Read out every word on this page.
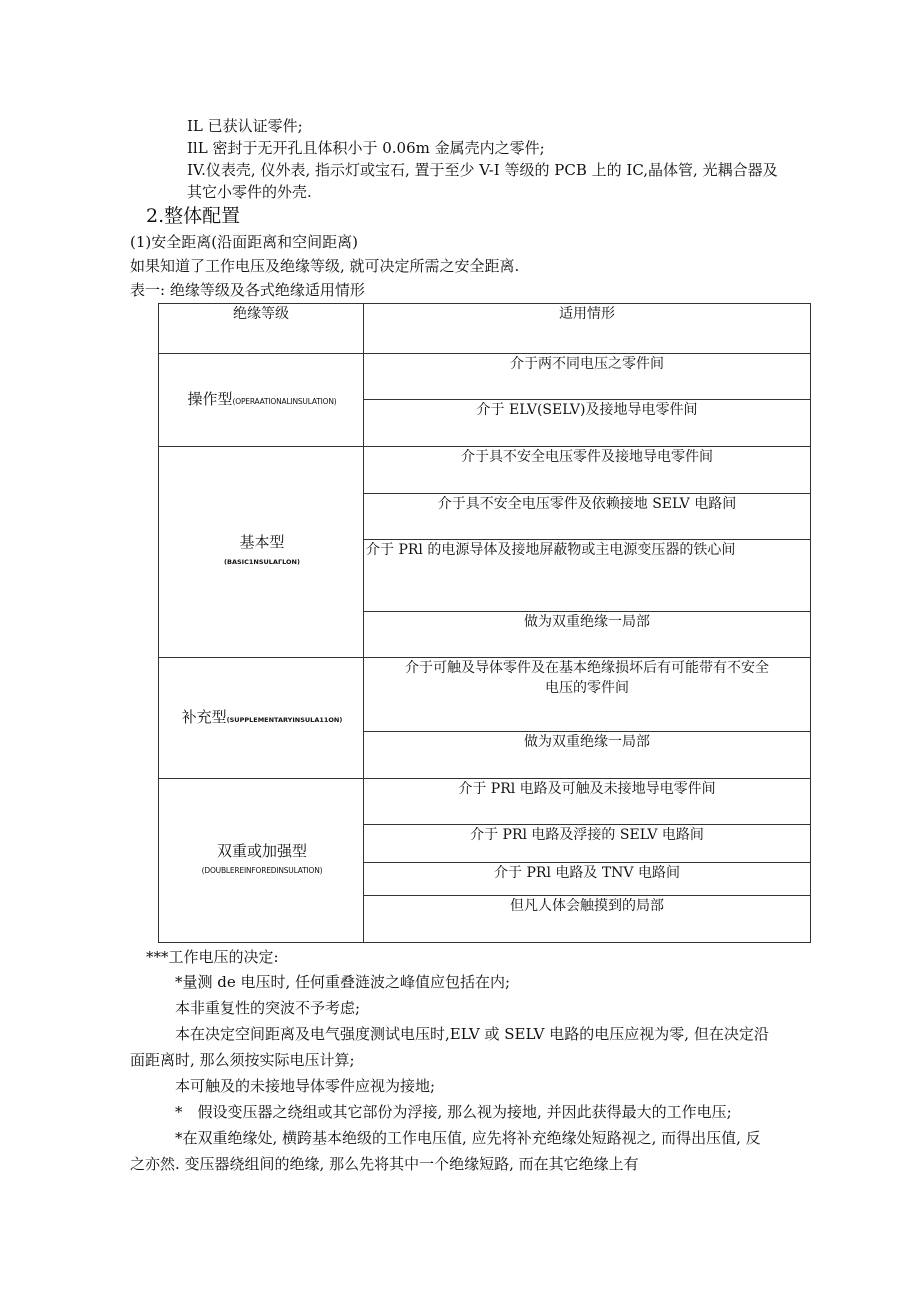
IL 已获认证零件;
IlL 密封于无开孔且体积小于 0.06m 金属壳内之零件;
IV.仪表壳, 仪外表, 指示灯或宝石, 置于至少 V-I 等级的 PCB 上的 IC,晶体管, 光耦合器及
其它小零件的外壳.
2.整体配置
(1)安全距离(沿面距离和空间距离)
如果知道了工作电压及绝缘等级, 就可决定所需之安全距离.
表一: 绝缘等级及各式绝缘适用情形
绝缘等级	适用情形
操作型(OPERAATIONALINSULATION)	介于两不同电压之零件间
	介于 ELV(SELV)及接地导电零件间

基本型
(BASIC1NSULAΓLON)	介于具不安全电压零件及接地导电零件间
	介于具不安全电压零件及依赖接地 SELV 电路间
	介于 PRl 的电源导体及接地屏蔽物或主电源变压器的铁心间
	做为双重绝缘一局部
补充型(SUPPLEMENTARYINSULA11ON)	介于可触及导体零件及在基本绝缘损坏后有可能带有不安全
电压的零件间

	做为双重绝缘一局部

双重或加强型
(DOUBLEREINFOREDINSULATION)	介于 PRl 电路及可触及未接地导电零件间
	介于 PRl 电路及浮接的 SELV 电路间
	介于 PRl 电路及 TNV 电路间
	但凡人体会触摸到的局部
***工作电压的决定:
*量测 de 电压时, 任何重叠涟波之峰值应包括在内;
本非重复性的突波不予考虑;
本在决定空间距离及电气强度测试电压时,ELV 或 SELV 电路的电压应视为零, 但在决定沿
面距离时, 那么须按实际电压计算;
本可触及的未接地导体零件应视为接地;
*　假设变压器之绕组或其它部份为浮接, 那么视为接地, 并因此获得最大的工作电压;
*在双重绝缘处, 横跨基本绝级的工作电压值, 应先将补充绝缘处短路视之, 而得出压值, 反
之亦然. 变压器绕组间的绝缘, 那么先将其中一个绝缘短路, 而在其它绝缘上有
